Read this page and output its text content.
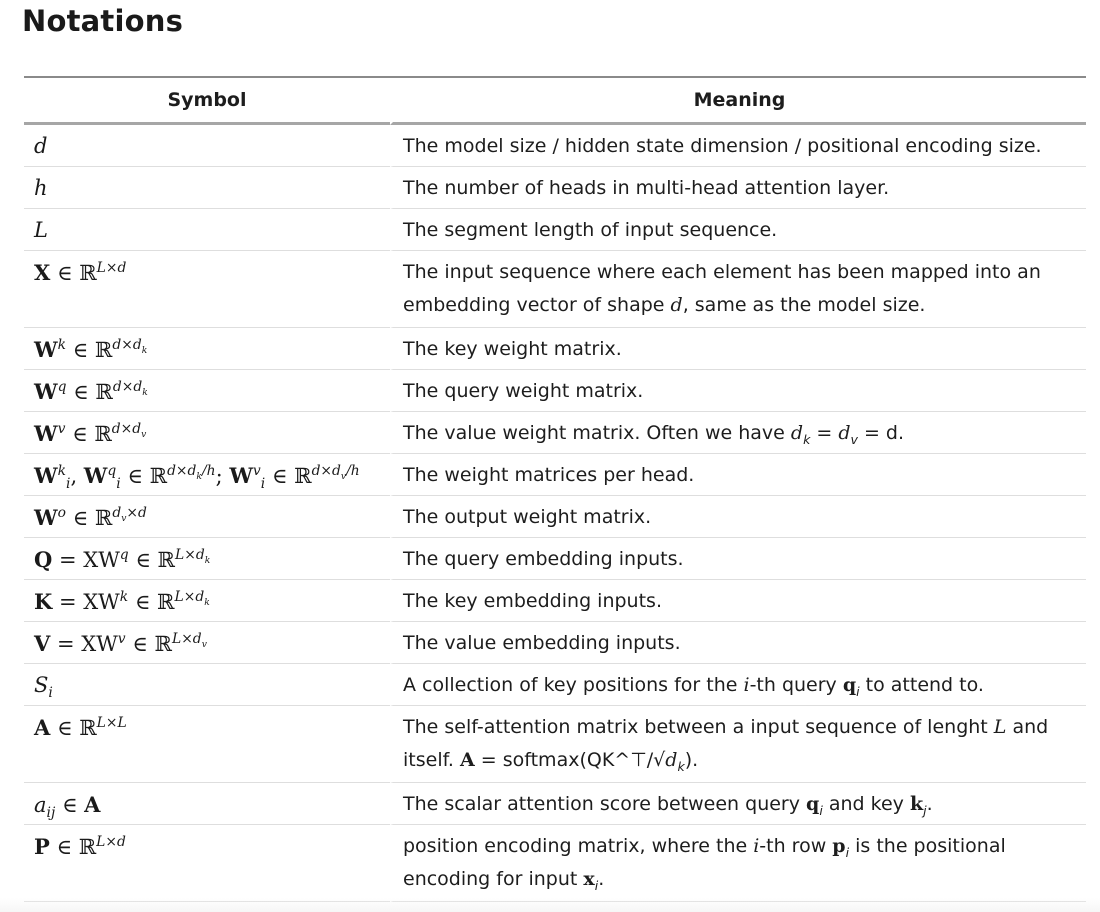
Notations
Symbol	Meaning
d	The model size / hidden state dimension / positional encoding size.
h	The number of heads in multi-head attention layer.
L	The segment length of input sequence.
X ∈ ℝ$^{L\times d}$	The input sequence where each element has been mapped into an embedding vector of shape d, same as the model size.
$W^k$ ∈ ℝ$^{d\times d_k}$	The key weight matrix.
$W^q$ ∈ ℝ$^{d\times d_k}$	The query weight matrix.
$W^v$ ∈ ℝ$^{d\times d_v}$	The value weight matrix. Often we have $d_k = d_v = d$.
$W^k_i$, $W^q_i$ ∈ ℝ$^{d\times d_k/h}$; $W^v_i$ ∈ ℝ$^{d\times d_v/h}$	The weight matrices per head.
$W^o$ ∈ ℝ$^{d_v\times d}$	The output weight matrix.
$Q = XW^q$ ∈ ℝ$^{L\times d_k}$	The query embedding inputs.
$K = XW^k$ ∈ ℝ$^{L\times d_k}$	The key embedding inputs.
$V = XW^v$ ∈ ℝ$^{L\times d_v}$	The value embedding inputs.
$S_i$	A collection of key positions for the i-th query $q_i$ to attend to.
A ∈ ℝ$^{L\times L}$	The self-attention matrix between a input sequence of lenght L and itself. $A = softmax(QK\^{}⊤/√d_k)$.
$a_{ij}$ ∈ A	The scalar attention score between query $q_i$ and key $k_j$.
P ∈ ℝ$^{L\times d}$	position encoding matrix, where the i-th row $p_i$ is the positional encoding for input $x_i$.
